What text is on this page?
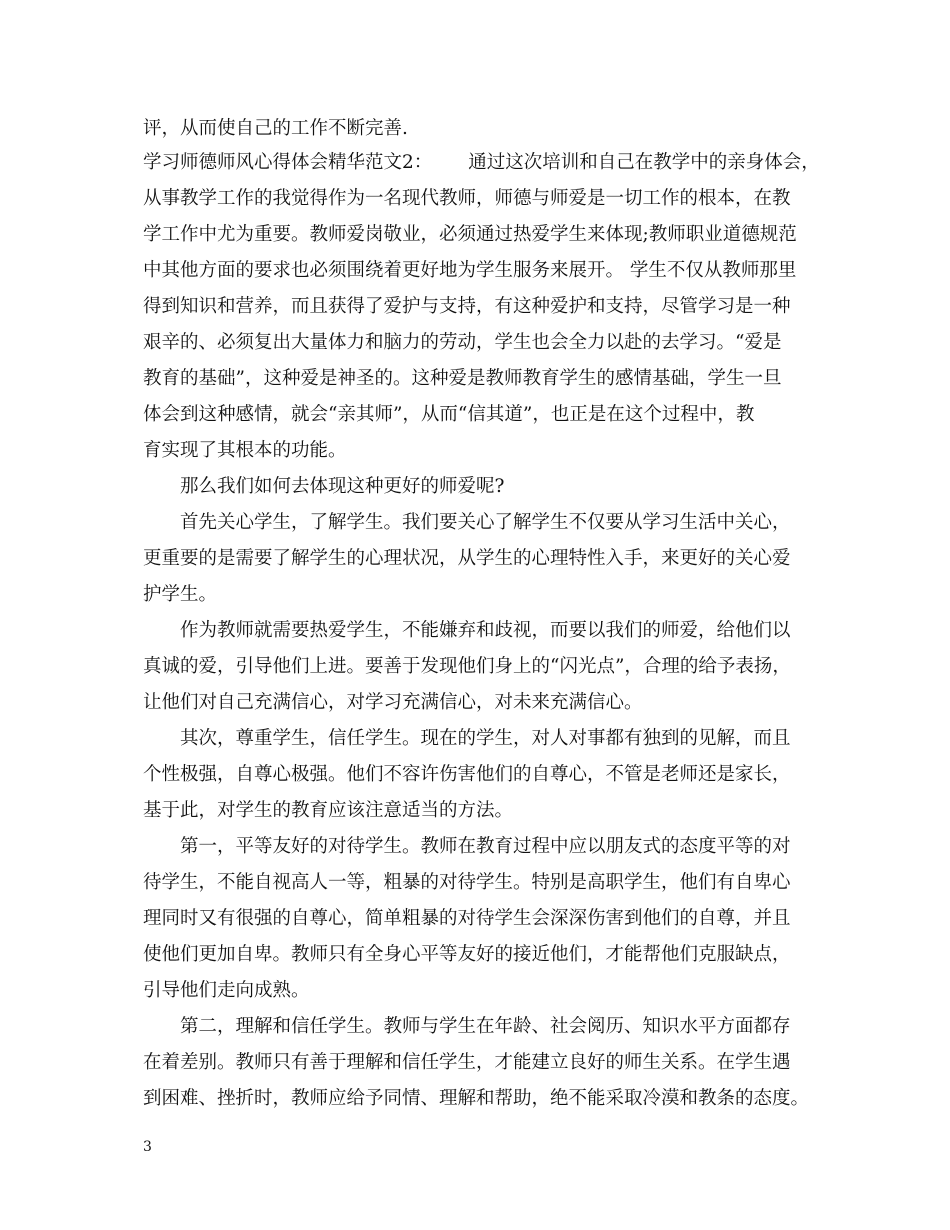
评，从而使自己的工作不断完善.
学习师德师风心得体会精华范文2： 通过这次培训和自己在教学中的亲身体会，
从事教学工作的我觉得作为一名现代教师，师德与师爱是一切工作的根本，在教
学工作中尤为重要。教师爱岗敬业，必须通过热爱学生来体现;教师职业道德规范
中其他方面的要求也必须围绕着更好地为学生服务来展开。 学生不仅从教师那里
得到知识和营养，而且获得了爱护与支持，有这种爱护和支持，尽管学习是一种
艰辛的、必须复出大量体力和脑力的劳动，学生也会全力以赴的去学习。“爱是
教育的基础”，这种爱是神圣的。这种爱是教师教育学生的感情基础，学生一旦
体会到这种感情，就会“亲其师”，从而“信其道”，也正是在这个过程中，教
育实现了其根本的功能。
那么我们如何去体现这种更好的师爱呢?
首先关心学生，了解学生。我们要关心了解学生不仅要从学习生活中关心，
更重要的是需要了解学生的心理状况，从学生的心理特性入手，来更好的关心爱
护学生。
作为教师就需要热爱学生，不能嫌弃和歧视，而要以我们的师爱，给他们以
真诚的爱，引导他们上进。要善于发现他们身上的“闪光点”，合理的给予表扬，
让他们对自己充满信心，对学习充满信心，对未来充满信心。
其次，尊重学生，信任学生。现在的学生，对人对事都有独到的见解，而且
个性极强，自尊心极强。他们不容许伤害他们的自尊心，不管是老师还是家长，
基于此，对学生的教育应该注意适当的方法。
第一，平等友好的对待学生。教师在教育过程中应以朋友式的态度平等的对
待学生，不能自视高人一等，粗暴的对待学生。特别是高职学生，他们有自卑心
理同时又有很强的自尊心，简单粗暴的对待学生会深深伤害到他们的自尊，并且
使他们更加自卑。教师只有全身心平等友好的接近他们，才能帮他们克服缺点，
引导他们走向成熟。
第二，理解和信任学生。教师与学生在年龄、社会阅历、知识水平方面都存
在着差别。教师只有善于理解和信任学生，才能建立良好的师生关系。在学生遇
到困难、挫折时，教师应给予同情、理解和帮助，绝不能采取冷漠和教条的态度。
3
